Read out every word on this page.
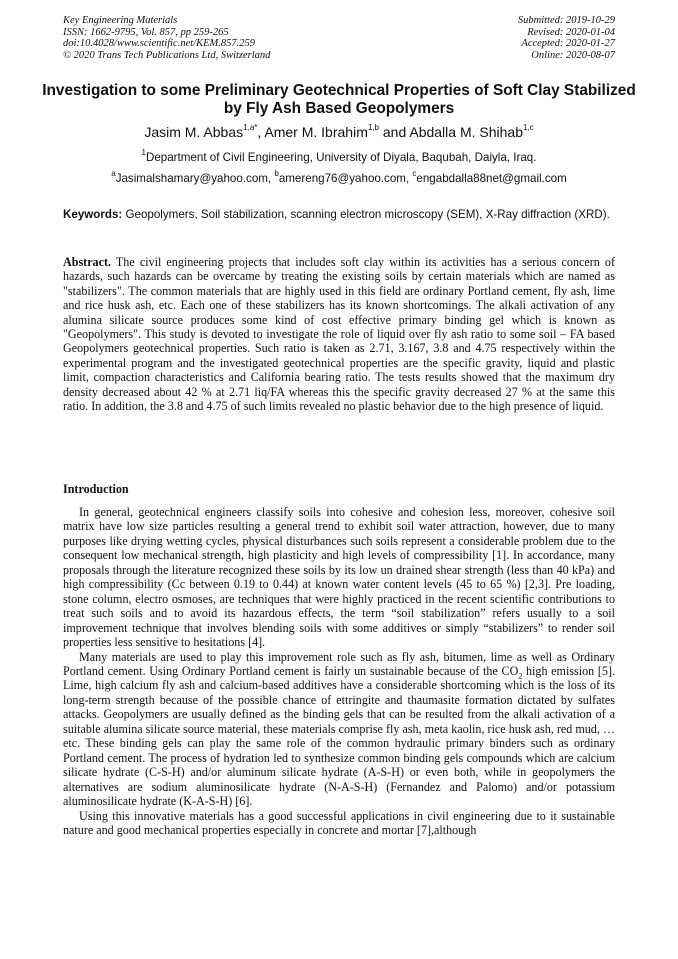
Key Engineering Materials
ISSN: 1662-9795, Vol. 857, pp 259-265
doi:10.4028/www.scientific.net/KEM.857.259
© 2020 Trans Tech Publications Ltd, Switzerland
Submitted: 2019-10-29
Revised: 2020-01-04
Accepted: 2020-01-27
Online: 2020-08-07
Investigation to some Preliminary Geotechnical Properties of Soft Clay Stabilized by Fly Ash Based Geopolymers
Jasim M. Abbas$^{1,a*}$, Amer M. Ibrahim$^{1,b}$ and Abdalla M. Shihab$^{1,c}$
$^1$Department of Civil Engineering, University of Diyala, Baqubah, Daiyla, Iraq.
$^a$Jasimalshamary@yahoo.com, $^b$amereng76@yahoo.com, $^c$engabdalla88net@gmail.com
Keywords: Geopolymers, Soil stabilization, scanning electron microscopy (SEM), X-Ray diffraction (XRD).
Abstract. The civil engineering projects that includes soft clay within its activities has a serious concern of hazards, such hazards can be overcame by treating the existing soils by certain materials which are named as "stabilizers". The common materials that are highly used in this field are ordinary Portland cement, fly ash, lime and rice husk ash, etc. Each one of these stabilizers has its known shortcomings. The alkali activation of any alumina silicate source produces some kind of cost effective primary binding gel which is known as "Geopolymers". This study is devoted to investigate the role of liquid over fly ash ratio to some soil – FA based Geopolymers geotechnical properties. Such ratio is taken as 2.71, 3.167, 3.8 and 4.75 respectively within the experimental program and the investigated geotechnical properties are the specific gravity, liquid and plastic limit, compaction characteristics and California bearing ratio. The tests results showed that the maximum dry density decreased about 42 % at 2.71 liq/FA whereas this the specific gravity decreased 27 % at the same this ratio. In addition, the 3.8 and 4.75 of such limits revealed no plastic behavior due to the high presence of liquid.
Introduction

In general, geotechnical engineers classify soils into cohesive and cohesion less, moreover, cohesive soil matrix have low size particles resulting a general trend to exhibit soil water attraction, however, due to many purposes like drying wetting cycles, physical disturbances such soils represent a considerable problem due to the consequent low mechanical strength, high plasticity and high levels of compressibility [1]. In accordance, many proposals through the literature recognized these soils by its low un drained shear strength (less than 40 kPa) and high compressibility (Cc between 0.19 to 0.44) at known water content levels (45 to 65 %) [2,3]. Pre loading, stone column, electro osmoses, are techniques that were highly practiced in the recent scientific contributions to treat such soils and to avoid its hazardous effects, the term “soil stabilization” refers usually to a soil improvement technique that involves blending soils with some additives or simply “stabilizers” to render soil properties less sensitive to hesitations [4].

Many materials are used to play this improvement role such as fly ash, bitumen, lime as well as Ordinary Portland cement. Using Ordinary Portland cement is fairly un sustainable because of the $CO_2$ high emission [5]. Lime, high calcium fly ash and calcium-based additives have a considerable shortcoming which is the loss of its long-term strength because of the possible chance of ettringite and thaumasite formation dictated by sulfates attacks. Geopolymers are usually defined as the binding gels that can be resulted from the alkali activation of a suitable alumina silicate source material, these materials comprise fly ash, meta kaolin, rice husk ash, red mud, …etc. These binding gels can play the same role of the common hydraulic primary binders such as ordinary Portland cement. The process of hydration led to synthesize common binding gels compounds which are calcium silicate hydrate (C-S-H) and/or aluminum silicate hydrate (A-S-H) or even both, while in geopolymers the alternatives are sodium aluminosilicate hydrate (N-A-S-H) (Fernandez and Palomo) and/or potassium aluminosilicate hydrate (K-A-S-H) [6].

Using this innovative materials has a good successful applications in civil engineering due to it sustainable nature and good mechanical properties especially in concrete and mortar [7],although
